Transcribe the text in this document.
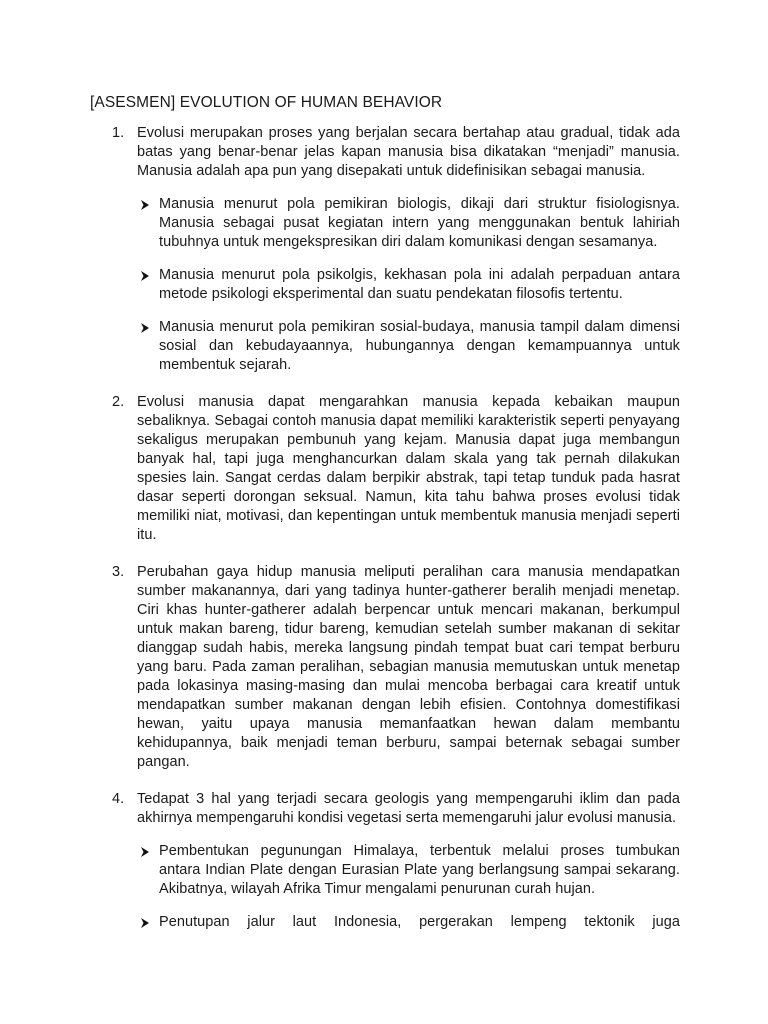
[ASESMEN] EVOLUTION OF HUMAN BEHAVIOR
1. Evolusi merupakan proses yang berjalan secara bertahap atau gradual, tidak ada batas yang benar-benar jelas kapan manusia bisa dikatakan “menjadi” manusia. Manusia adalah apa pun yang disepakati untuk didefinisikan sebagai manusia.

Manusia menurut pola pemikiran biologis, dikaji dari struktur fisiologisnya. Manusia sebagai pusat kegiatan intern yang menggunakan bentuk lahiriah tubuhnya untuk mengekspresikan diri dalam komunikasi dengan sesamanya.

Manusia menurut pola psikolgis, kekhasan pola ini adalah perpaduan antara metode psikologi eksperimental dan suatu pendekatan filosofis tertentu.

Manusia menurut pola pemikiran sosial-budaya, manusia tampil dalam dimensi sosial dan kebudayaannya, hubungannya dengan kemampuannya untuk membentuk sejarah.

2. Evolusi manusia dapat mengarahkan manusia kepada kebaikan maupun sebaliknya. Sebagai contoh manusia dapat memiliki karakteristik seperti penyayang sekaligus merupakan pembunuh yang kejam. Manusia dapat juga membangun banyak hal, tapi juga menghancurkan dalam skala yang tak pernah dilakukan spesies lain. Sangat cerdas dalam berpikir abstrak, tapi tetap tunduk pada hasrat dasar seperti dorongan seksual. Namun, kita tahu bahwa proses evolusi tidak memiliki niat, motivasi, dan kepentingan untuk membentuk manusia menjadi seperti itu.

3. Perubahan gaya hidup manusia meliputi peralihan cara manusia mendapatkan sumber makanannya, dari yang tadinya hunter-gatherer beralih menjadi menetap. Ciri khas hunter-gatherer adalah berpencar untuk mencari makanan, berkumpul untuk makan bareng, tidur bareng, kemudian setelah sumber makanan di sekitar dianggap sudah habis, mereka langsung pindah tempat buat cari tempat berburu yang baru. Pada zaman peralihan, sebagian manusia memutuskan untuk menetap pada lokasinya masing-masing dan mulai mencoba berbagai cara kreatif untuk mendapatkan sumber makanan dengan lebih efisien. Contohnya domestifikasi hewan, yaitu upaya manusia memanfaatkan hewan dalam membantu kehidupannya, baik menjadi teman berburu, sampai beternak sebagai sumber pangan.

4. Tedapat 3 hal yang terjadi secara geologis yang mempengaruhi iklim dan pada akhirnya mempengaruhi kondisi vegetasi serta memengaruhi jalur evolusi manusia.

Pembentukan pegunungan Himalaya, terbentuk melalui proses tumbukan antara Indian Plate dengan Eurasian Plate yang berlangsung sampai sekarang. Akibatnya, wilayah Afrika Timur mengalami penurunan curah hujan.

Penutupan jalur laut Indonesia, pergerakan lempeng tektonik juga
